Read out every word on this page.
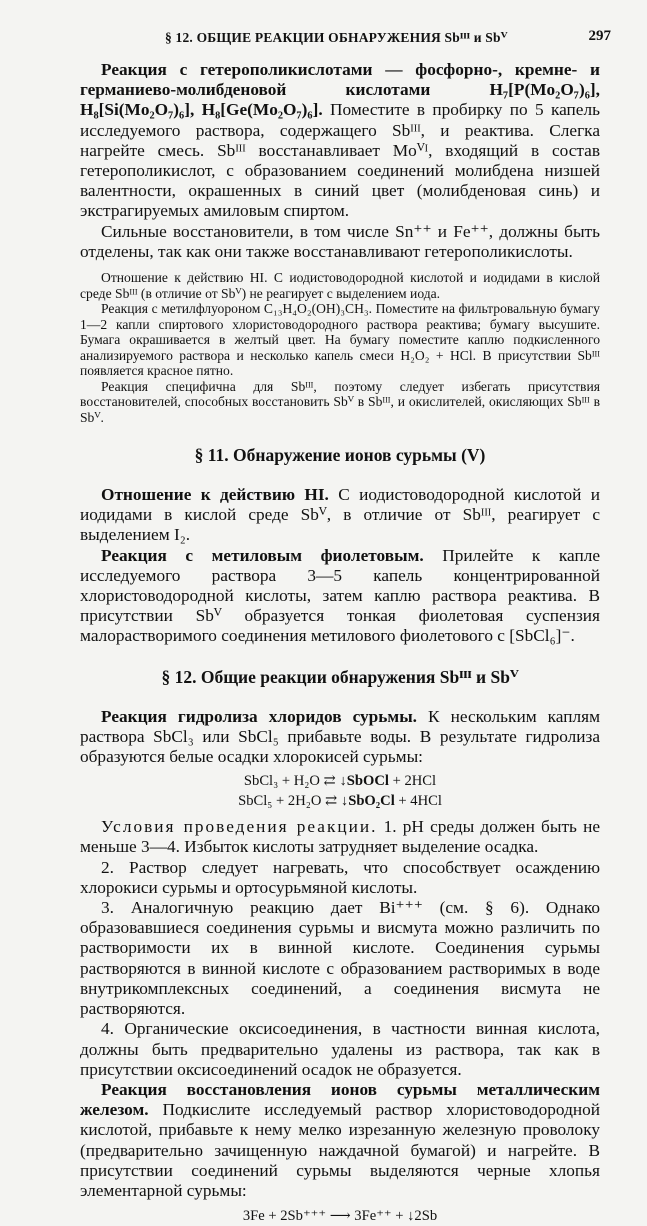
§ 12. ОБЩИЕ РЕАКЦИИ ОБНАРУЖЕНИЯ Sbᴵᴵᴵ и Sbⱽ	297

Реакция с гетерополикислотами — фосфорно-, кремне- и германиево-молибденовой кислотами H₇[P(Mo₂O₇)₆], H₈[Si(Mo₂O₇)₆], H₈[Ge(Mo₂O₇)₆]. Поместите в пробирку по 5 капель исследуемого раствора, содержащего Sbᴵᴵᴵ, и реактива. Слегка нагрейте смесь. Sbᴵᴵᴵ восстанавливает Moⱽᴵ, входящий в состав гетерополикислот, с образованием соединений молибдена низшей валентности, окрашенных в синий цвет (молибденовая синь) и экстрагируемых амиловым спиртом.

Сильные восстановители, в том числе Sn⁺⁺ и Fe⁺⁺, должны быть отделены, так как они также восстанавливают гетерополикислоты.

Отношение к действию HI. С иодистоводородной кислотой и иодидами в кислой среде Sbᴵᴵᴵ (в отличие от Sbⱽ) не реагирует с выделением иода.

Реакция с метилфлуороном C₁₃H₄O₂(OH)₃CH₃. Поместите на фильтровальную бумагу 1—2 капли спиртового хлористоводородного раствора реактива; бумагу высушите. Бумага окрашивается в желтый цвет. На бумагу поместите каплю подкисленного анализируемого раствора и несколько капель смеси H₂O₂ + HCl. В присутствии Sbᴵᴵᴵ появляется красное пятно.

Реакция специфична для Sbᴵᴵᴵ, поэтому следует избегать присутствия восстановителей, способных восстановить Sbⱽ в Sbᴵᴵᴵ, и окислителей, окисляющих Sbᴵᴵᴵ в Sbⱽ.

§ 11. Обнаружение ионов сурьмы (V)

Отношение к действию HI. С иодистоводородной кислотой и иодидами в кислой среде Sbⱽ, в отличие от Sbᴵᴵᴵ, реагирует с выделением I₂.

Реакция с метиловым фиолетовым. Прилейте к капле исследуемого раствора 3—5 капель концентрированной хлористоводородной кислоты, затем каплю раствора реактива. В присутствии Sbⱽ образуется тонкая фиолетовая суспензия малорастворимого соединения метилового фиолетового с [SbCl₆]⁻.

§ 12. Общие реакции обнаружения Sbᴵᴵᴵ и Sbⱽ

Реакция гидролиза хлоридов сурьмы. К нескольким каплям раствора SbCl₃ или SbCl₅ прибавьте воды. В результате гидролиза образуются белые осадки хлорокисей сурьмы:

SbCl₃ + H₂O ⇄ ↓SbOCl + 2HCl

SbCl₅ + 2H₂O ⇄ ↓SbO₂Cl + 4HCl

Условия проведения реакции. 1. pH среды должен быть не меньше 3—4. Избыток кислоты затрудняет выделение осадка.

2. Раствор следует нагревать, что способствует осаждению хлорокиси сурьмы и ортосурьмяной кислоты.

3. Аналогичную реакцию дает Bi⁺⁺⁺ (см. § 6). Однако образовавшиеся соединения сурьмы и висмута можно различить по растворимости их в винной кислоте. Соединения сурьмы растворяются в винной кислоте с образованием растворимых в воде внутрикомплексных соединений, а соединения висмута не растворяются.

4. Органические оксисоединения, в частности винная кислота, должны быть предварительно удалены из раствора, так как в присутствии оксисоединений осадок не образуется.

Реакция восстановления ионов сурьмы металлическим железом. Подкислите исследуемый раствор хлористоводородной кислотой, прибавьте к нему мелко изрезанную железную проволоку (предварительно зачищенную наждачной бумагой) и нагрейте. В присутствии соединений сурьмы выделяются черные хлопья элементарной сурьмы:

3Fe + 2Sb⁺⁺⁺ ⟶ 3Fe⁺⁺ + ↓2Sb
